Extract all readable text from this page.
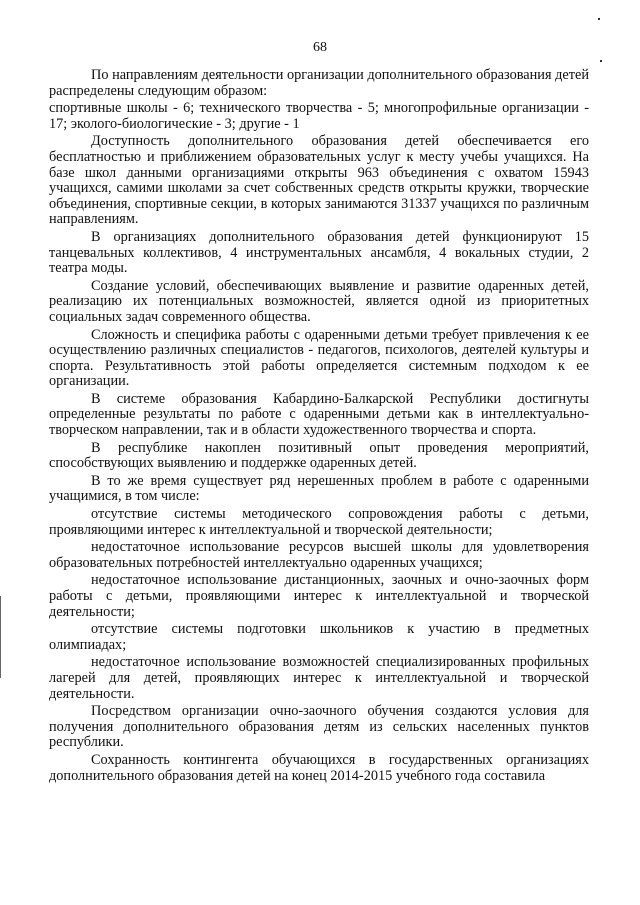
68

По направлениям деятельности организации дополнительного образования детей распределены следующим образом:

спортивные школы - 6; технического творчества - 5; многопрофильные организации - 17; эколого-биологические - 3; другие - 1

Доступность дополнительного образования детей обеспечивается его бесплатностью и приближением образовательных услуг к месту учебы учащихся. На базе школ данными организациями открыты 963 объединения с охватом 15943 учащихся, самими школами за счет собственных средств открыты кружки, творческие объединения, спортивные секции, в которых занимаются 31337 учащихся по различным направлениям.

В организациях дополнительного образования детей функционируют 15 танцевальных коллективов, 4 инструментальных ансамбля, 4 вокальных студии, 2 театра моды.

Создание условий, обеспечивающих выявление и развитие одаренных детей, реализацию их потенциальных возможностей, является одной из приоритетных социальных задач современного общества.

Сложность и специфика работы с одаренными детьми требует привлечения к ее осуществлению различных специалистов - педагогов, психологов, деятелей культуры и спорта. Результативность этой работы определяется системным подходом к ее организации.

В системе образования Кабардино-Балкарской Республики достигнуты определенные результаты по работе с одаренными детьми как в интеллектуально-творческом направлении, так и в области художественного творчества и спорта.

В республике накоплен позитивный опыт проведения мероприятий, способствующих выявлению и поддержке одаренных детей.

В то же время существует ряд нерешенных проблем в работе с одаренными учащимися, в том числе:

отсутствие системы методического сопровождения работы с детьми, проявляющими интерес к интеллектуальной и творческой деятельности;

недостаточное использование ресурсов высшей школы для удовлетворения образовательных потребностей интеллектуально одаренных учащихся;

недостаточное использование дистанционных, заочных и очно-заочных форм работы с детьми, проявляющими интерес к интеллектуальной и творческой деятельности;

отсутствие системы подготовки школьников к участию в предметных олимпиадах;

недостаточное использование возможностей специализированных профильных лагерей для детей, проявляющих интерес к интеллектуальной и творческой деятельности.

Посредством организации очно-заочного обучения создаются условия для получения дополнительного образования детям из сельских населенных пунктов республики.

Сохранность контингента обучающихся в государственных организациях дополнительного образования детей на конец 2014-2015 учебного года составила
